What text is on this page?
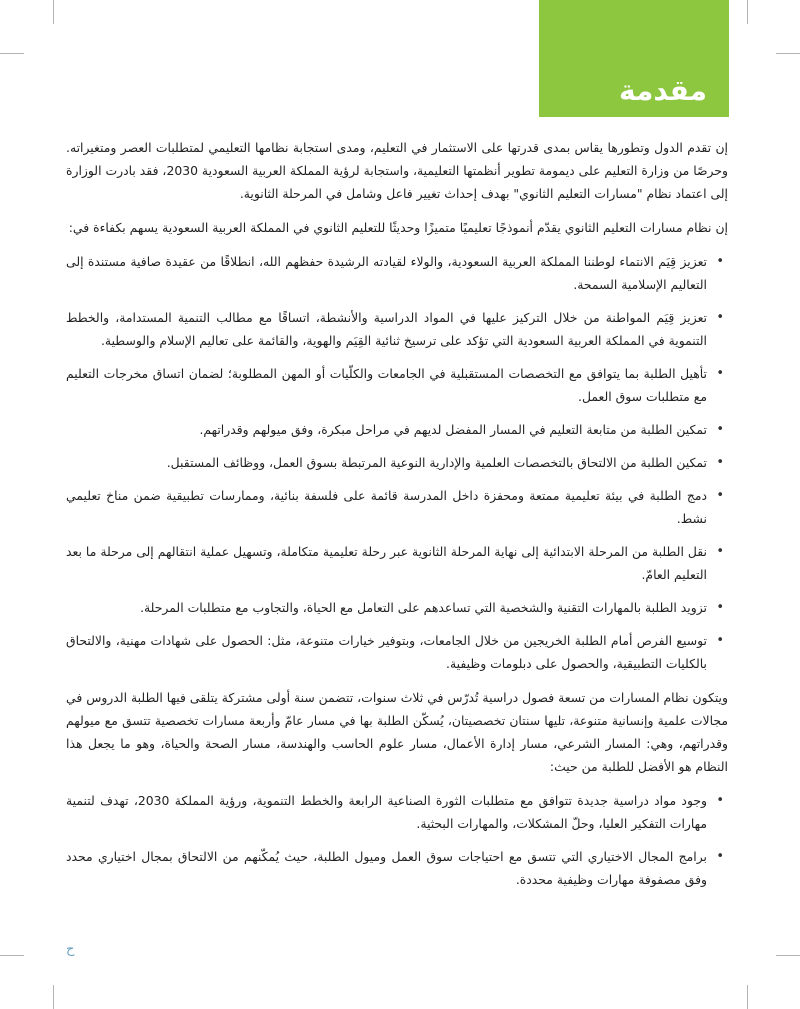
مقدمة

إن تقدم الدول وتطورها يقاس بمدى قدرتها على الاستثمار في التعليم، ومدى استجابة نظامها التعليمي لمتطلبات العصر ومتغيراته. وحرصًا من وزارة التعليم على ديمومة تطوير أنظمتها التعليمية، واستجابة لرؤية المملكة العربية السعودية 2030، فقد بادرت الوزارة إلى اعتماد نظام "مسارات التعليم الثانوي" بهدف إحداث تغيير فاعل وشامل في المرحلة الثانوية.

إن نظام مسارات التعليم الثانوي يقدّم أنموذجًا تعليميًا متميزًا وحديثًا للتعليم الثانوي في المملكة العربية السعودية يسهم بكفاءة في:

• تعزيز قِيَم الانتماء لوطننا المملكة العربية السعودية، والولاء لقيادته الرشيدة حفظهم الله، انطلاقًا من عقيدة صافية مستندة إلى التعاليم الإسلامية السمحة.
• تعزيز قِيَم المواطنة من خلال التركيز عليها في المواد الدراسية والأنشطة، اتساقًا مع مطالب التنمية المستدامة، والخطط التنموية في المملكة العربية السعودية التي تؤكد على ترسيخ ثنائية القِيَم والهوية، والقائمة على تعاليم الإسلام والوسطية.
• تأهيل الطلبة بما يتوافق مع التخصصات المستقبلية في الجامعات والكلّيات أو المهن المطلوبة؛ لضمان اتساق مخرجات التعليم مع متطلبات سوق العمل.
• تمكين الطلبة من متابعة التعليم في المسار المفضل لديهم في مراحل مبكرة، وفق ميولهم وقدراتهم.
• تمكين الطلبة من الالتحاق بالتخصصات العلمية والإدارية النوعية المرتبطة بسوق العمل، ووظائف المستقبل.
• دمج الطلبة في بيئة تعليمية ممتعة ومحفزة داخل المدرسة قائمة على فلسفة بنائية، وممارسات تطبيقية ضمن مناخ تعليمي نشط.
• نقل الطلبة من المرحلة الابتدائية إلى نهاية المرحلة الثانوية عبر رحلة تعليمية متكاملة، وتسهيل عملية انتقالهم إلى مرحلة ما بعد التعليم العامّ.
• تزويد الطلبة بالمهارات التقنية والشخصية التي تساعدهم على التعامل مع الحياة، والتجاوب مع متطلبات المرحلة.
• توسيع الفرص أمام الطلبة الخريجين من خلال الجامعات، وبتوفير خيارات متنوعة، مثل: الحصول على شهادات مهنية، والالتحاق بالكليات التطبيقية، والحصول على دبلومات وظيفية.

ويتكون نظام المسارات من تسعة فصول دراسية تُدرّس في ثلاث سنوات، تتضمن سنة أولى مشتركة يتلقى فيها الطلبة الدروس في مجالات علمية وإنسانية متنوعة، تليها سنتان تخصصيتان، يُسكّن الطلبة بها في مسار عامّ وأربعة مسارات تخصصية تتسق مع ميولهم وقدراتهم، وهي: المسار الشرعي، مسار إدارة الأعمال، مسار علوم الحاسب والهندسة، مسار الصحة والحياة، وهو ما يجعل هذا النظام هو الأفضل للطلبة من حيث:

• وجود مواد دراسية جديدة تتوافق مع متطلبات الثورة الصناعية الرابعة والخطط التنموية، ورؤية المملكة 2030، تهدف لتنمية مهارات التفكير العليا، وحلّ المشكلات، والمهارات البحثية.
• برامج المجال الاختياري التي تتسق مع احتياجات سوق العمل وميول الطلبة، حيث يُمكّنهم من الالتحاق بمجال اختياري محدد وفق مصفوفة مهارات وظيفية محددة.
ح
